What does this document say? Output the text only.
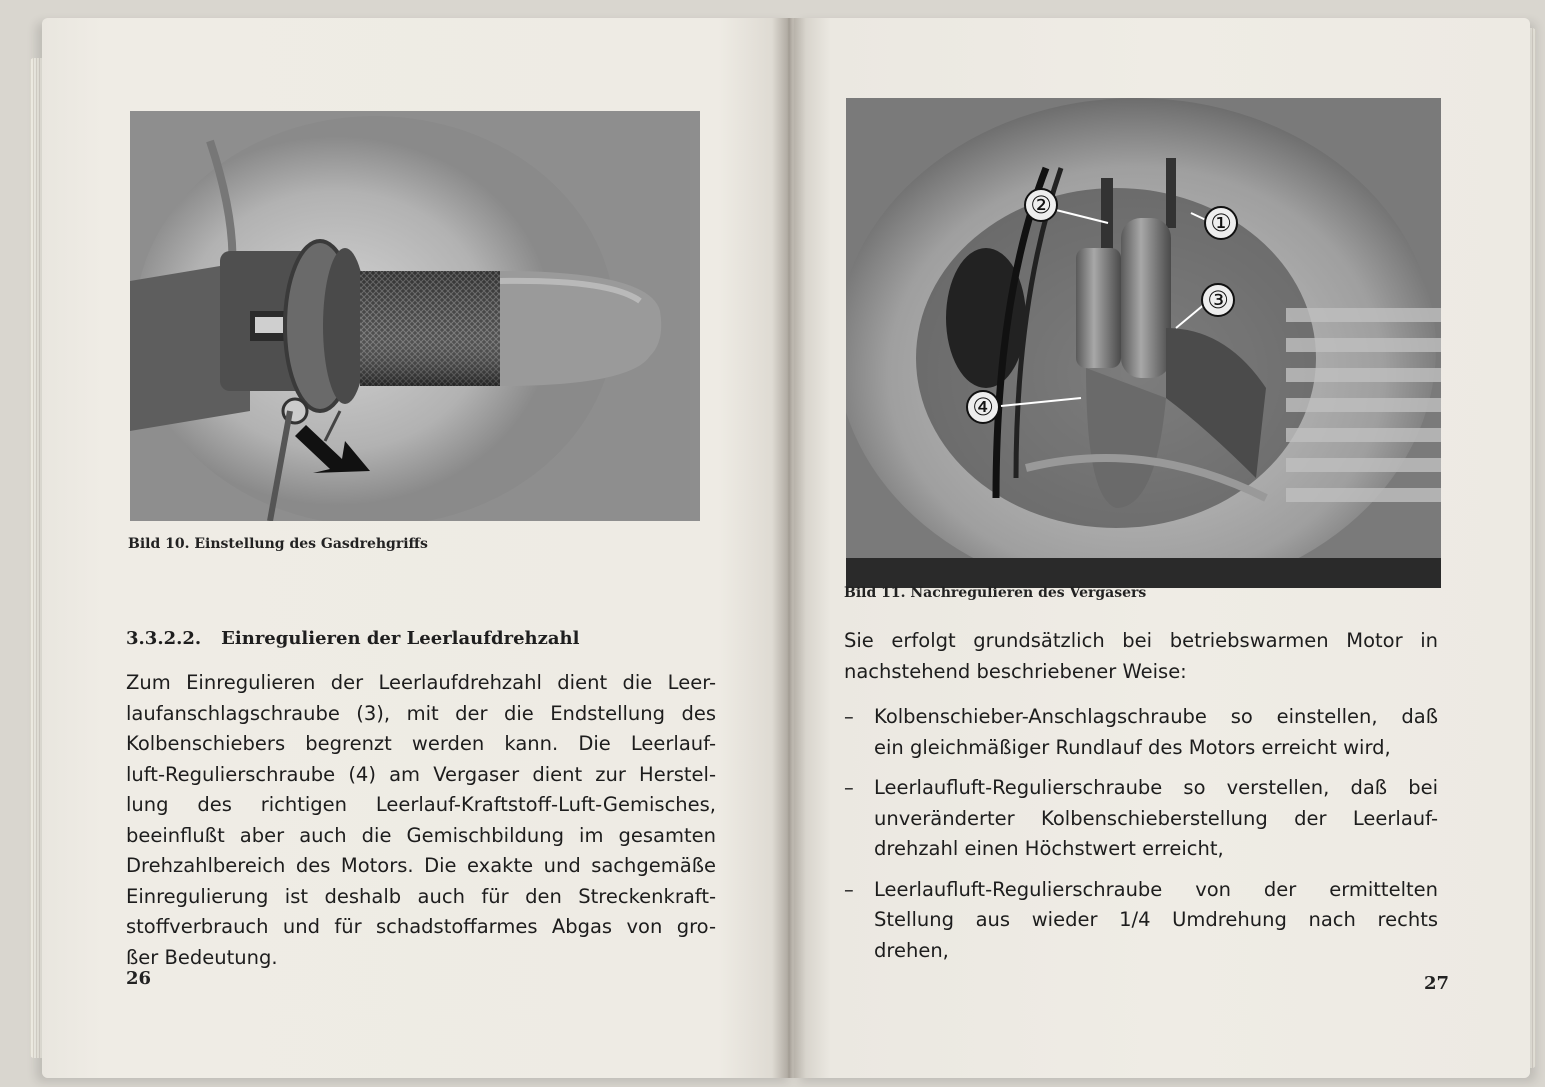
Bild 10. Einstellung des Gasdrehgriffs
3.3.2.2. Einregulieren der Leerlaufdrehzahl
Zum Einregulieren der Leerlaufdrehzahl dient die Leer-
laufanschlagschraube (3), mit der die Endstellung des
Kolbenschiebers begrenzt werden kann. Die Leerlauf-
luft-Regulierschraube (4) am Vergaser dient zur Herstel-
lung des richtigen Leerlauf-Kraftstoff-Luft-Gemisches,
beeinflußt aber auch die Gemischbildung im gesamten
Drehzahlbereich des Motors. Die exakte und sachgemäße
Einregulierung ist deshalb auch für den Streckenkraft-
stoffverbrauch und für schadstoffarmes Abgas von gro-
ßer Bedeutung.
26
②
①
③
④
Bild 11. Nachregulieren des Vergasers
Sie erfolgt grundsätzlich bei betriebswarmen Motor in
nachstehend beschriebener Weise:
– Kolbenschieber-Anschlagschraube so einstellen, daß
ein gleichmäßiger Rundlauf des Motors erreicht wird,
– Leerlaufluft-Regulierschraube so verstellen, daß bei
unveränderter Kolbenschieberstellung der Leerlauf-
drehzahl einen Höchstwert erreicht,
– Leerlaufluft-Regulierschraube von der ermittelten
Stellung aus wieder 1/4 Umdrehung nach rechts
drehen,
27
